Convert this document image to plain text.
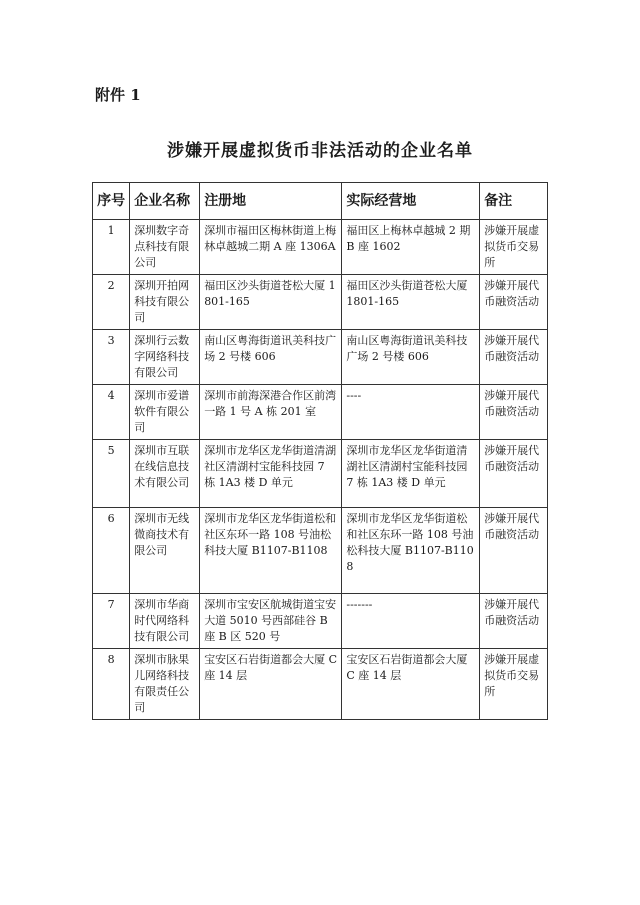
附件 1
涉嫌开展虚拟货币非法活动的企业名单
序号	企业名称	注册地	实际经营地	备注
1	深圳数字奇点科技有限公司	深圳市福田区梅林街道上梅林卓越城二期 A 座 1306A	福田区上梅林卓越城 2 期 B 座 1602	涉嫌开展虚拟货币交易所
2	深圳开拍网科技有限公司	福田区沙头街道苍松大厦 1801-165	福田区沙头街道苍松大厦 1801-165	涉嫌开展代币融资活动
3	深圳行云数字网络科技有限公司	南山区粤海街道讯美科技广场 2 号楼 606	南山区粤海街道讯美科技广场 2 号楼 606	涉嫌开展代币融资活动
4	深圳市爱谱软件有限公司	深圳市前海深港合作区前湾一路 1 号 A 栋 201 室	----	涉嫌开展代币融资活动
5	深圳市互联在线信息技术有限公司	深圳市龙华区龙华街道清湖社区清湖村宝能科技园 7 栋 1A3 楼 D 单元	深圳市龙华区龙华街道清湖社区清湖村宝能科技园 7 栋 1A3 楼 D 单元	涉嫌开展代币融资活动
6	深圳市无线微商技术有限公司	深圳市龙华区龙华街道松和社区东环一路 108 号油松科技大厦 B1107-B1108	深圳市龙华区龙华街道松和社区东环一路 108 号油松科技大厦 B1107-B1108	涉嫌开展代币融资活动
7	深圳市华商时代网络科技有限公司	深圳市宝安区航城街道宝安大道 5010 号西部硅谷 B 座 B 区 520 号	-------	涉嫌开展代币融资活动
8	深圳市脉果儿网络科技有限责任公司	宝安区石岩街道都会大厦 C 座 14 层	宝安区石岩街道都会大厦 C 座 14 层	涉嫌开展虚拟货币交易所
